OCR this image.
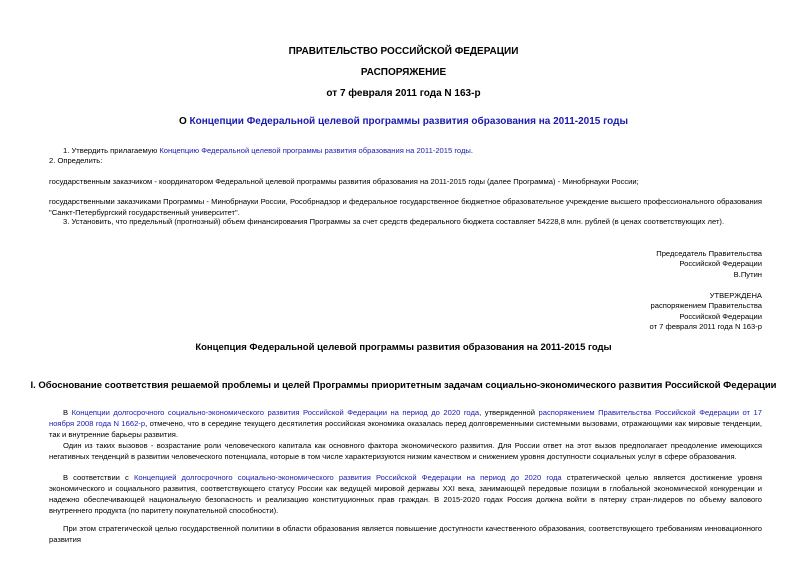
ПРАВИТЕЛЬСТВО РОССИЙСКОЙ ФЕДЕРАЦИИ
РАСПОРЯЖЕНИЕ
от 7 февраля 2011 года N 163-р
О Концепции Федеральной целевой программы развития образования на 2011-2015 годы
1. Утвердить прилагаемую Концепцию Федеральной целевой программы развития образования на 2011-2015 годы.
2. Определить:
государственным заказчиком - координатором Федеральной целевой программы развития образования на 2011-2015 годы (далее Программа) - Минобрнауки России;
государственными заказчиками Программы - Минобрнауки России, Рособрнадзор и федеральное государственное бюджетное образовательное учреждение высшего профессионального образования "Санкт-Петербургский государственный университет".
3. Установить, что предельный (прогнозный) объем финансирования Программы за счет средств федерального бюджета составляет 54228,8 млн. рублей (в ценах соответствующих лет).
Председатель Правительства
Российской Федерации
В.Путин
УТВЕРЖДЕНА
распоряжением Правительства
Российской Федерации
от 7 февраля 2011 года N 163-р
Концепция Федеральной целевой программы развития образования на 2011-2015 годы
I. Обоснование соответствия решаемой проблемы и целей Программы приоритетным задачам социально-экономического развития Российской Федерации
В Концепции долгосрочного социально-экономического развития Российской Федерации на период до 2020 года, утвержденной распоряжением Правительства Российской Федерации от 17 ноября 2008 года N 1662-р, отмечено, что в середине текущего десятилетия российская экономика оказалась перед долговременными системными вызовами, отражающими как мировые тенденции, так и внутренние барьеры развития.
Один из таких вызовов - возрастание роли человеческого капитала как основного фактора экономического развития. Для России ответ на этот вызов предполагает преодоление имеющихся негативных тенденций в развитии человеческого потенциала, которые в том числе характеризуются низким качеством и снижением уровня доступности социальных услуг в сфере образования.
В соответствии с Концепцией долгосрочного социально-экономического развития Российской Федерации на период до 2020 года стратегической целью является достижение уровня экономического и социального развития, соответствующего статусу России как ведущей мировой державы XXI века, занимающей передовые позиции в глобальной экономической конкуренции и надежно обеспечивающей национальную безопасность и реализацию конституционных прав граждан. В 2015-2020 годах Россия должна войти в пятерку стран-лидеров по объему валового внутреннего продукта (по паритету покупательной способности).
При этом стратегической целью государственной политики в области образования является повышение доступности качественного образования, соответствующего требованиям инновационного развития
